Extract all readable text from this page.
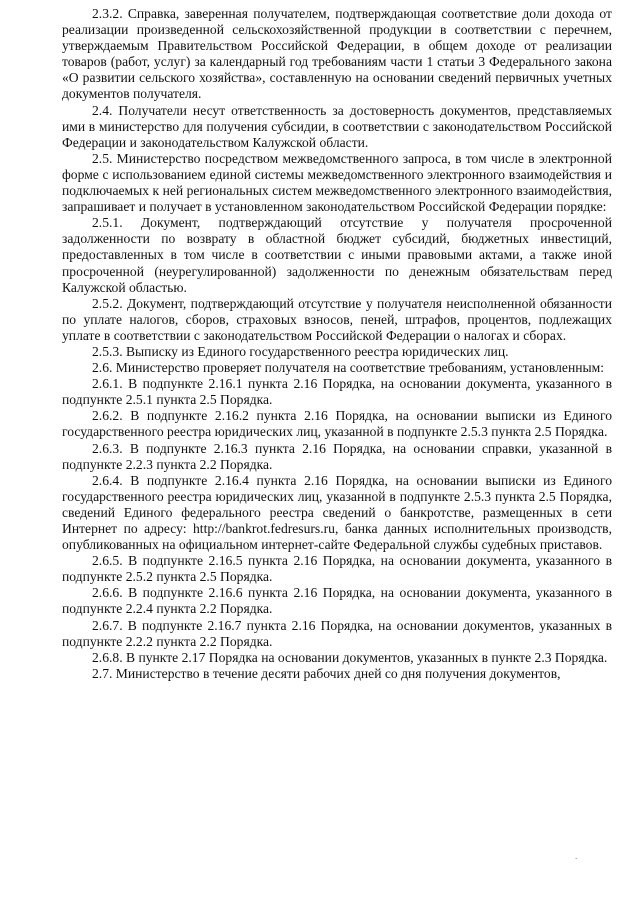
2.3.2. Справка, заверенная получателем, подтверждающая соответствие доли дохода от реализации произведенной сельскохозяйственной продукции в соответствии с перечнем, утверждаемым Правительством Российской Федерации, в общем доходе от реализации товаров (работ, услуг) за календарный год требованиям части 1 статьи 3 Федерального закона «О развитии сельского хозяйства», составленную на основании сведений первичных учетных документов получателя.

2.4. Получатели несут ответственность за достоверность документов, представляемых ими в министерство для получения субсидии, в соответствии с законодательством Российской Федерации и законодательством Калужской области.

2.5. Министерство посредством межведомственного запроса, в том числе в электронной форме с использованием единой системы межведомственного электронного взаимодействия и подключаемых к ней региональных систем межведомственного электронного взаимодействия, запрашивает и получает в установленном законодательством Российской Федерации порядке:

2.5.1. Документ, подтверждающий отсутствие у получателя просроченной задолженности по возврату в областной бюджет субсидий, бюджетных инвестиций, предоставленных в том числе в соответствии с иными правовыми актами, а также иной просроченной (неурегулированной) задолженности по денежным обязательствам перед Калужской областью.

2.5.2. Документ, подтверждающий отсутствие у получателя неисполненной обязанности по уплате налогов, сборов, страховых взносов, пеней, штрафов, процентов, подлежащих уплате в соответствии с законодательством Российской Федерации о налогах и сборах.

2.5.3. Выписку из Единого государственного реестра юридических лиц.

2.6. Министерство проверяет получателя на соответствие требованиям, установленным:

2.6.1. В подпункте 2.16.1 пункта 2.16 Порядка, на основании документа, указанного в подпункте 2.5.1 пункта 2.5 Порядка.

2.6.2. В подпункте 2.16.2 пункта 2.16 Порядка, на основании выписки из Единого государственного реестра юридических лиц, указанной в подпункте 2.5.3 пункта 2.5 Порядка.

2.6.3. В подпункте 2.16.3 пункта 2.16 Порядка, на основании справки, указанной в подпункте 2.2.3 пункта 2.2 Порядка.

2.6.4. В подпункте 2.16.4 пункта 2.16 Порядка, на основании выписки из Единого государственного реестра юридических лиц, указанной в подпункте 2.5.3 пункта 2.5 Порядка, сведений Единого федерального реестра сведений о банкротстве, размещенных в сети Интернет по адресу: http://bankrot.fedresurs.ru, банка данных исполнительных производств, опубликованных на официальном интернет-сайте Федеральной службы судебных приставов.

2.6.5. В подпункте 2.16.5 пункта 2.16 Порядка, на основании документа, указанного в подпункте 2.5.2 пункта 2.5 Порядка.

2.6.6. В подпункте 2.16.6 пункта 2.16 Порядка, на основании документа, указанного в подпункте 2.2.4 пункта 2.2 Порядка.

2.6.7. В подпункте 2.16.7 пункта 2.16 Порядка, на основании документов, указанных в подпункте 2.2.2 пункта 2.2 Порядка.

2.6.8. В пункте 2.17 Порядка на основании документов, указанных в пункте 2.3 Порядка.

2.7. Министерство в течение десяти рабочих дней со дня получения документов,

.
